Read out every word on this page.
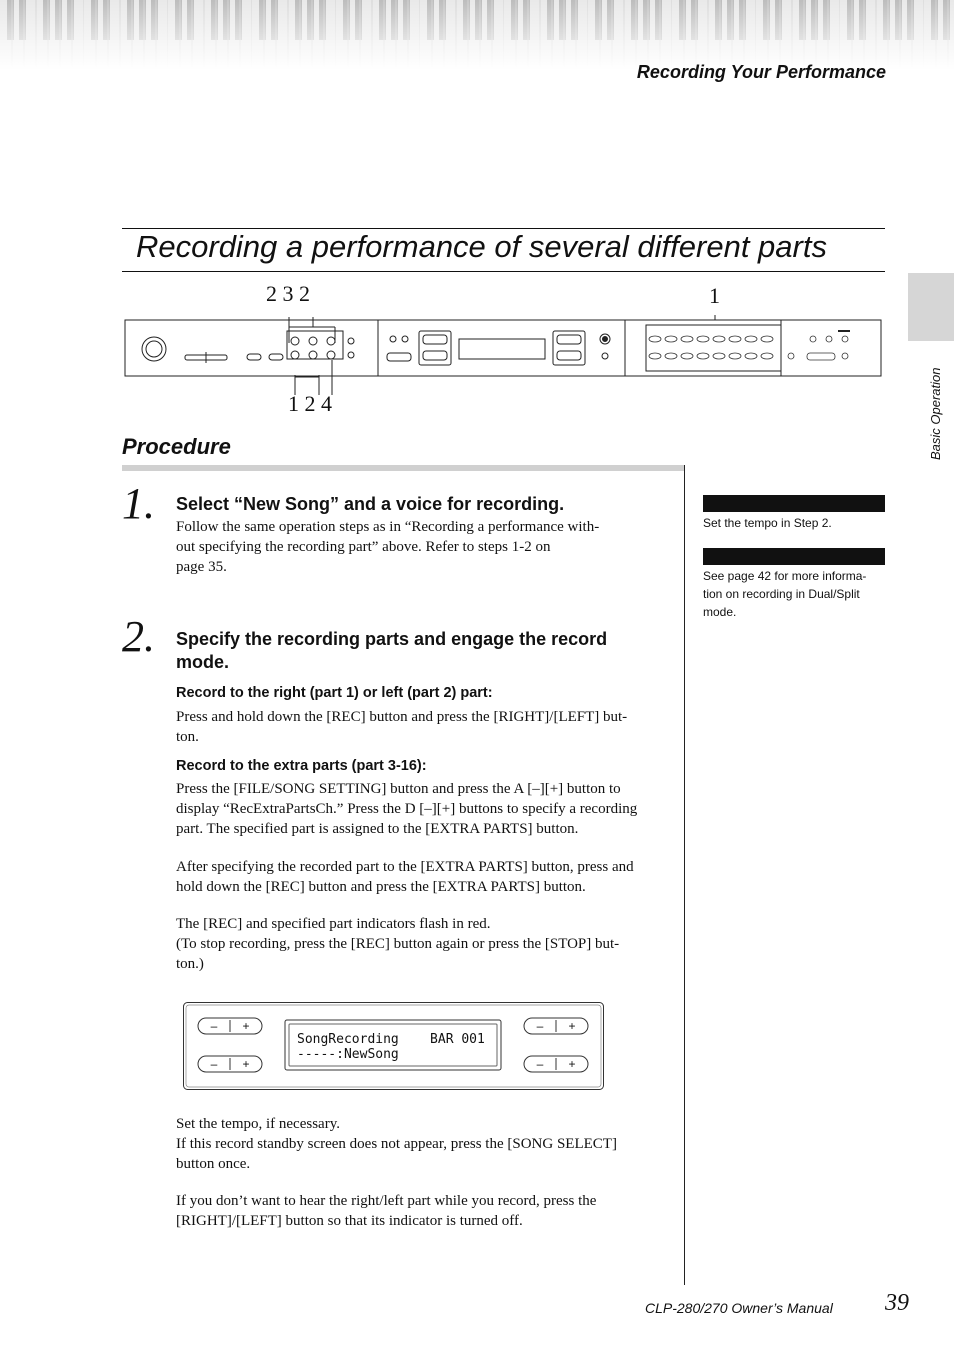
Recording Your Performance
Basic Operation
Recording a performance of several different parts
2 3 2	1
1 2 4
Procedure
1. Select “New Song” and a voice for recording.
Follow the same operation steps as in “Recording a performance with-
out specifying the recording part” above. Refer to steps 1-2 on
page 35.
2. Specify the recording parts and engage the record
mode.
Record to the right (part 1) or left (part 2) part:
Press and hold down the [REC] button and press the [RIGHT]/[LEFT] but-
ton.
Record to the extra parts (part 3-16):
Press the [FILE/SONG SETTING] button and press the A [–][+] button to
display “RecExtraPartsCh.” Press the D [–][+] buttons to specify a recording
part. The specified part is assigned to the [EXTRA PARTS] button.
After specifying the recorded part to the [EXTRA PARTS] button, press and
hold down the [REC] button and press the [EXTRA PARTS] button.
The [REC] and specified part indicators flash in red.
(To stop recording, press the [REC] button again or press the [STOP] but-
ton.)
– +
– +
– +
– +
SongRecording    BAR 001
-----:NewSong
Set the tempo, if necessary.
If this record standby screen does not appear, press the [SONG SELECT]
button once.
If you don’t want to hear the right/left part while you record, press the
[RIGHT]/[LEFT] button so that its indicator is turned off.
Set the tempo in Step 2.
See page 42 for more informa-
tion on recording in Dual/Split
mode.
CLP-280/270 Owner’s Manual 39
